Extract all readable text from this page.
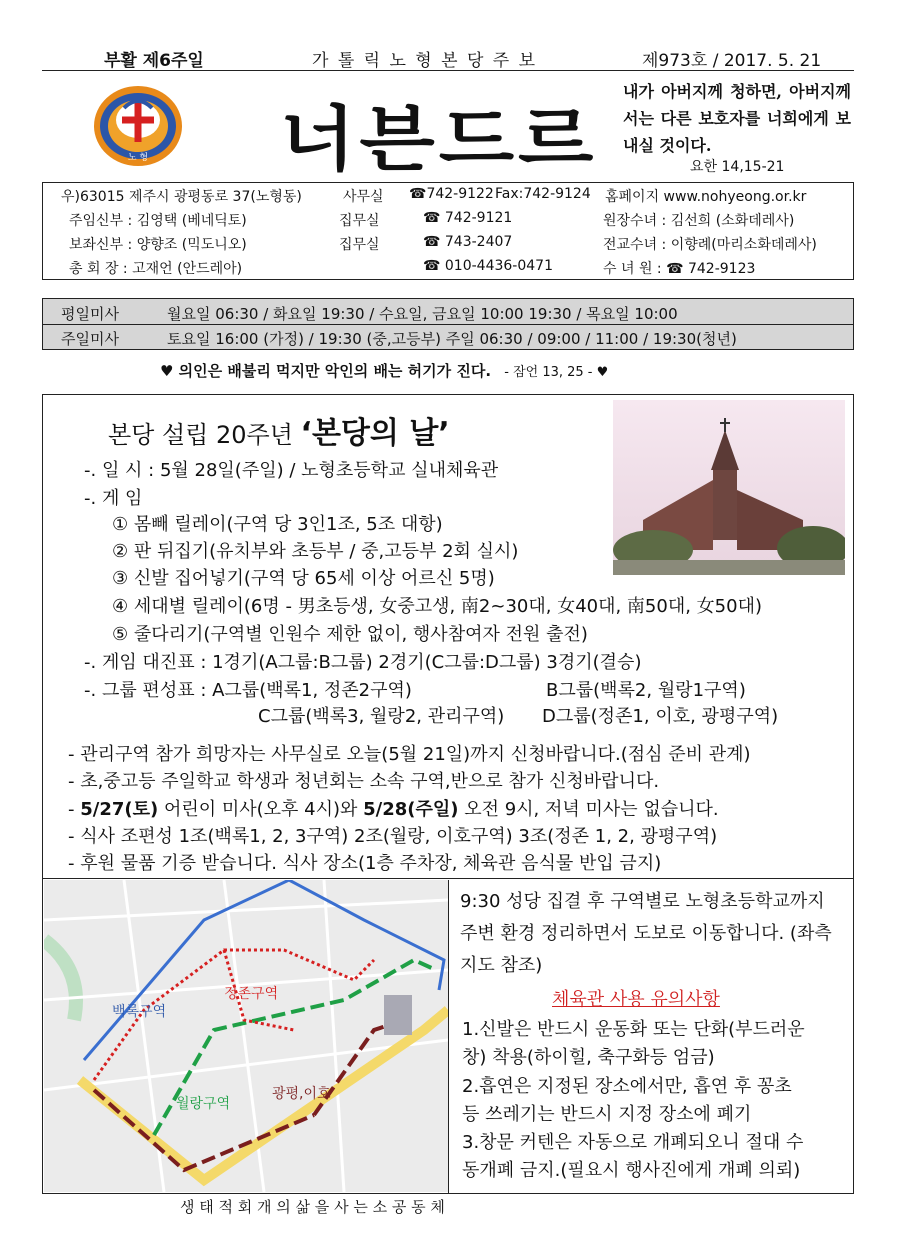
부활 제6주일	가 톨 릭 노 형 본 당 주 보	제973호 / 2017. 5. 21
노 형 너븐드르
내가 아버지께 청하면, 아버지께서는 다른 보호자를 너희에게 보내실 것이다.
요한 14,15-21
우)63015 제주시 광평동로 37(노형동)	사무실 ☎742-9122 Fax:742-9124 홈페이지 www.nohyeong.or.kr
주임신부 : 김영택 (베네딕토)	집무실	☎ 742-9121	원장수녀 : 김선희 (소화데레사)
보좌신부 : 양향조 (믹도니오)	집무실	☎ 743-2407	전교수녀 : 이향례(마리소화데레사)
총 회 장 : 고재언 (안드레아)	☎ 010-4436-0471	수 녀 원 : ☎ 742-9123
평일미사	월요일 06:30 / 화요일 19:30 / 수요일, 금요일 10:00 19:30 / 목요일 10:00
주일미사	토요일 16:00 (가정) / 19:30 (중,고등부) 주일 06:30 / 09:00 / 11:00 / 19:30(청년)
♥ 의인은 배불리 먹지만 악인의 배는 허기가 진다. - 잠언 13, 25 - ♥
본당 설립 20주년 ‘본당의 날’
-. 일 시 : 5월 28일(주일) / 노형초등학교 실내체육관
-. 게 임
① 몸빼 릴레이(구역 당 3인1조, 5조 대항)
② 판 뒤집기(유치부와 초등부 / 중,고등부 2회 실시)
③ 신발 집어넣기(구역 당 65세 이상 어르신 5명)
④ 세대별 릴레이(6명 - 男초등생, 女중고생, 南2~30대, 女40대, 南50대, 女50대)
⑤ 줄다리기(구역별 인원수 제한 없이, 행사참여자 전원 출전)
-. 게임 대진표 : 1경기(A그룹:B그룹) 2경기(C그룹:D그룹) 3경기(결승)
-. 그룹 편성표 : A그룹(백록1, 정존2구역)	B그룹(백록2, 월랑1구역)
C그룹(백록3, 월랑2, 관리구역) D그룹(정존1, 이호, 광평구역)
- 관리구역 참가 희망자는 사무실로 오늘(5월 21일)까지 신청바랍니다.(점심 준비 관계)
- 초,중고등 주일학교 학생과 청년회는 소속 구역,반으로 참가 신청바랍니다.
- 5/27(토) 어린이 미사(오후 4시)와 5/28(주일) 오전 9시, 저녁 미사는 없습니다.
- 식사 조편성 1조(백록1, 2, 3구역) 2조(월랑, 이호구역) 3조(정존 1, 2, 광평구역)
- 후원 물품 기증 받습니다. 식사 장소(1층 주차장, 체육관 음식물 반입 금지)
정존구역
백록구역
월랑구역
광평,이호
9:30 성당 집결 후 구역별로 노형초등학교까지 주변 환경 정리하면서 도보로 이동합니다. (좌측 지도 참조)
체육관 사용 유의사항
1.신발은 반드시 운동화 또는 단화(부드러운
창) 착용(하이힐, 축구화등 엄금)
2.흡연은 지정된 장소에서만, 흡연 후 꽁초
등 쓰레기는 반드시 지정 장소에 폐기
3.창문 커텐은 자동으로 개폐되오니 절대 수
동개폐 금지.(필요시 행사진에게 개폐 의뢰)
생 태 적 회 개 의 삶 을 사 는 소 공 동 체
